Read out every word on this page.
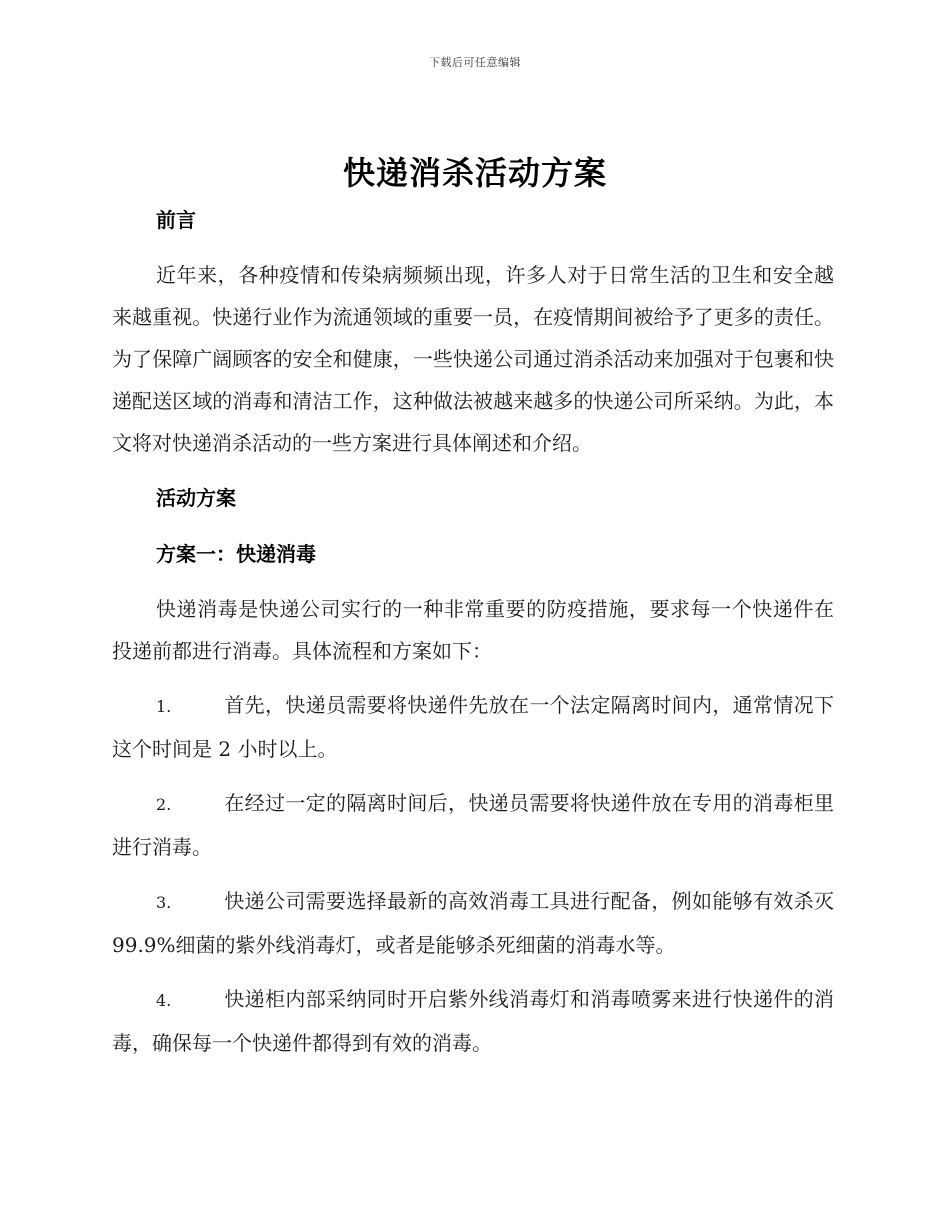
下载后可任意编辑
快递消杀活动方案

前言

近年来，各种疫情和传染病频频出现，许多人对于日常生活的卫生和安全越来越重视。快递行业作为流通领域的重要一员，在疫情期间被给予了更多的责任。为了保障广阔顾客的安全和健康，一些快递公司通过消杀活动来加强对于包裹和快递配送区域的消毒和清洁工作，这种做法被越来越多的快递公司所采纳。为此，本文将对快递消杀活动的一些方案进行具体阐述和介绍。

活动方案

方案一：快递消毒

快递消毒是快递公司实行的一种非常重要的防疫措施，要求每一个快递件在投递前都进行消毒。具体流程和方案如下：

1.	首先，快递员需要将快递件先放在一个法定隔离时间内，通常情况下这个时间是 2 小时以上。

2.	在经过一定的隔离时间后，快递员需要将快递件放在专用的消毒柜里进行消毒。

3.	快递公司需要选择最新的高效消毒工具进行配备，例如能够有效杀灭 99.9%细菌的紫外线消毒灯，或者是能够杀死细菌的消毒水等。

4.	快递柜内部采纳同时开启紫外线消毒灯和消毒喷雾来进行快递件的消毒，确保每一个快递件都得到有效的消毒。
